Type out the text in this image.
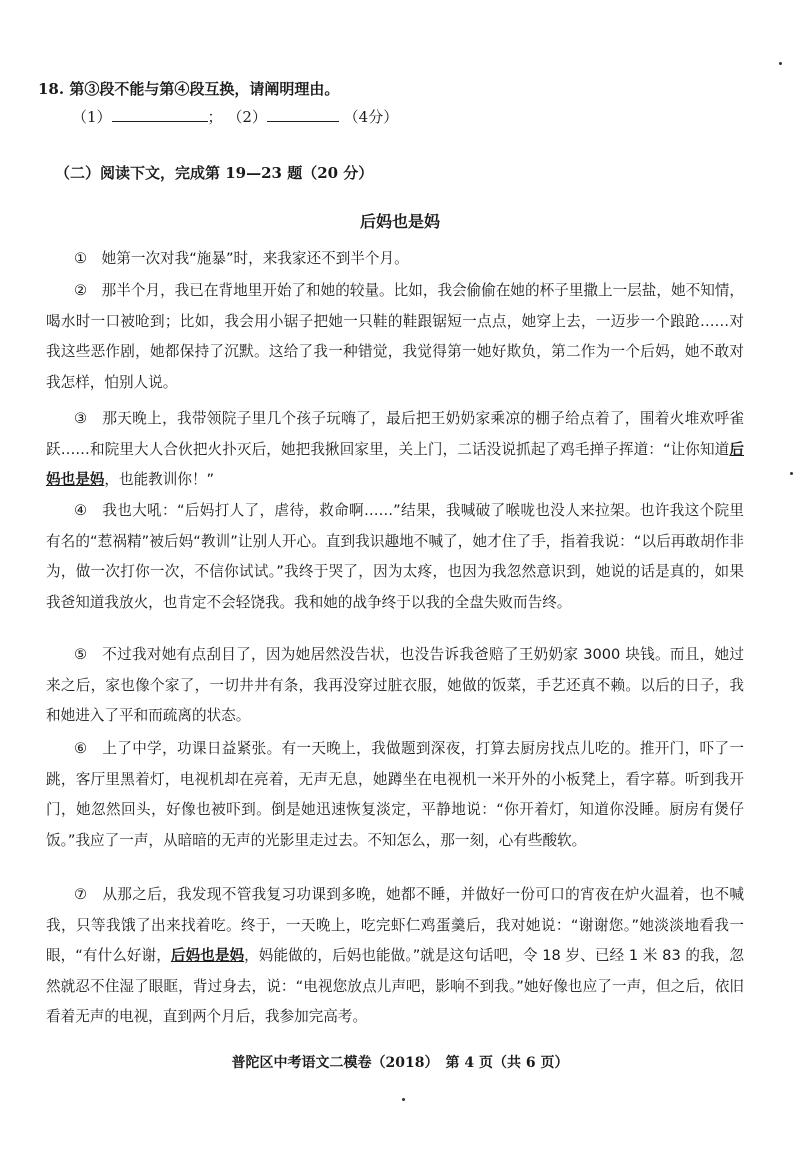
18. 第③段不能与第④段互换，请阐明理由。
（1）	； （2）	（4分）
（二）阅读下文，完成第 19—23 题（20 分）
后妈也是妈
①　她第一次对我“施暴”时，来我家还不到半个月。
②　那半个月，我已在背地里开始了和她的较量。比如，我会偷偷在她的杯子里撒上一层盐，她不知情，喝水时一口被呛到；比如，我会用小锯子把她一只鞋的鞋跟锯短一点点，她穿上去，一迈步一个踉跄……对我这些恶作剧，她都保持了沉默。这给了我一种错觉，我觉得第一她好欺负，第二作为一个后妈，她不敢对我怎样，怕别人说。
③　那天晚上，我带领院子里几个孩子玩嗨了，最后把王奶奶家乘凉的棚子给点着了，围着火堆欢呼雀跃……和院里大人合伙把火扑灭后，她把我揪回家里，关上门，二话没说抓起了鸡毛掸子挥道：“让你知道后妈也是妈，也能教训你！”
④　我也大吼：“后妈打人了，虐待，救命啊……”结果，我喊破了喉咙也没人来拉架。也许我这个院里有名的“惹祸精”被后妈“教训”让别人开心。直到我识趣地不喊了，她才住了手，指着我说：“以后再敢胡作非为，做一次打你一次，不信你试试。”我终于哭了，因为太疼，也因为我忽然意识到，她说的话是真的，如果我爸知道我放火，也肯定不会轻饶我。我和她的战争终于以我的全盘失败而告终。
⑤　不过我对她有点刮目了，因为她居然没告状，也没告诉我爸赔了王奶奶家 3000 块钱。而且，她过来之后，家也像个家了，一切井井有条，我再没穿过脏衣服，她做的饭菜，手艺还真不赖。以后的日子，我和她进入了平和而疏离的状态。
⑥　上了中学，功课日益紧张。有一天晚上，我做题到深夜，打算去厨房找点儿吃的。推开门，吓了一跳，客厅里黑着灯，电视机却在亮着，无声无息，她蹲坐在电视机一米开外的小板凳上，看字幕。听到我开门，她忽然回头，好像也被吓到。倒是她迅速恢复淡定，平静地说：“你开着灯，知道你没睡。厨房有煲仔饭。”我应了一声，从暗暗的无声的光影里走过去。不知怎么，那一刻，心有些酸软。
⑦　从那之后，我发现不管我复习功课到多晚，她都不睡，并做好一份可口的宵夜在炉火温着，也不喊我，只等我饿了出来找着吃。终于，一天晚上，吃完虾仁鸡蛋羹后，我对她说：“谢谢您。”她淡淡地看我一眼，“有什么好谢，后妈也是妈，妈能做的，后妈也能做。”就是这句话吧，令 18 岁、已经 1 米 83 的我，忽然就忍不住湿了眼眶，背过身去，说：“电视您放点儿声吧，影响不到我。”她好像也应了一声，但之后，依旧看着无声的电视，直到两个月后，我参加完高考。
普陀区中考语文二模卷（2018）　第 4 页（共 6 页）
